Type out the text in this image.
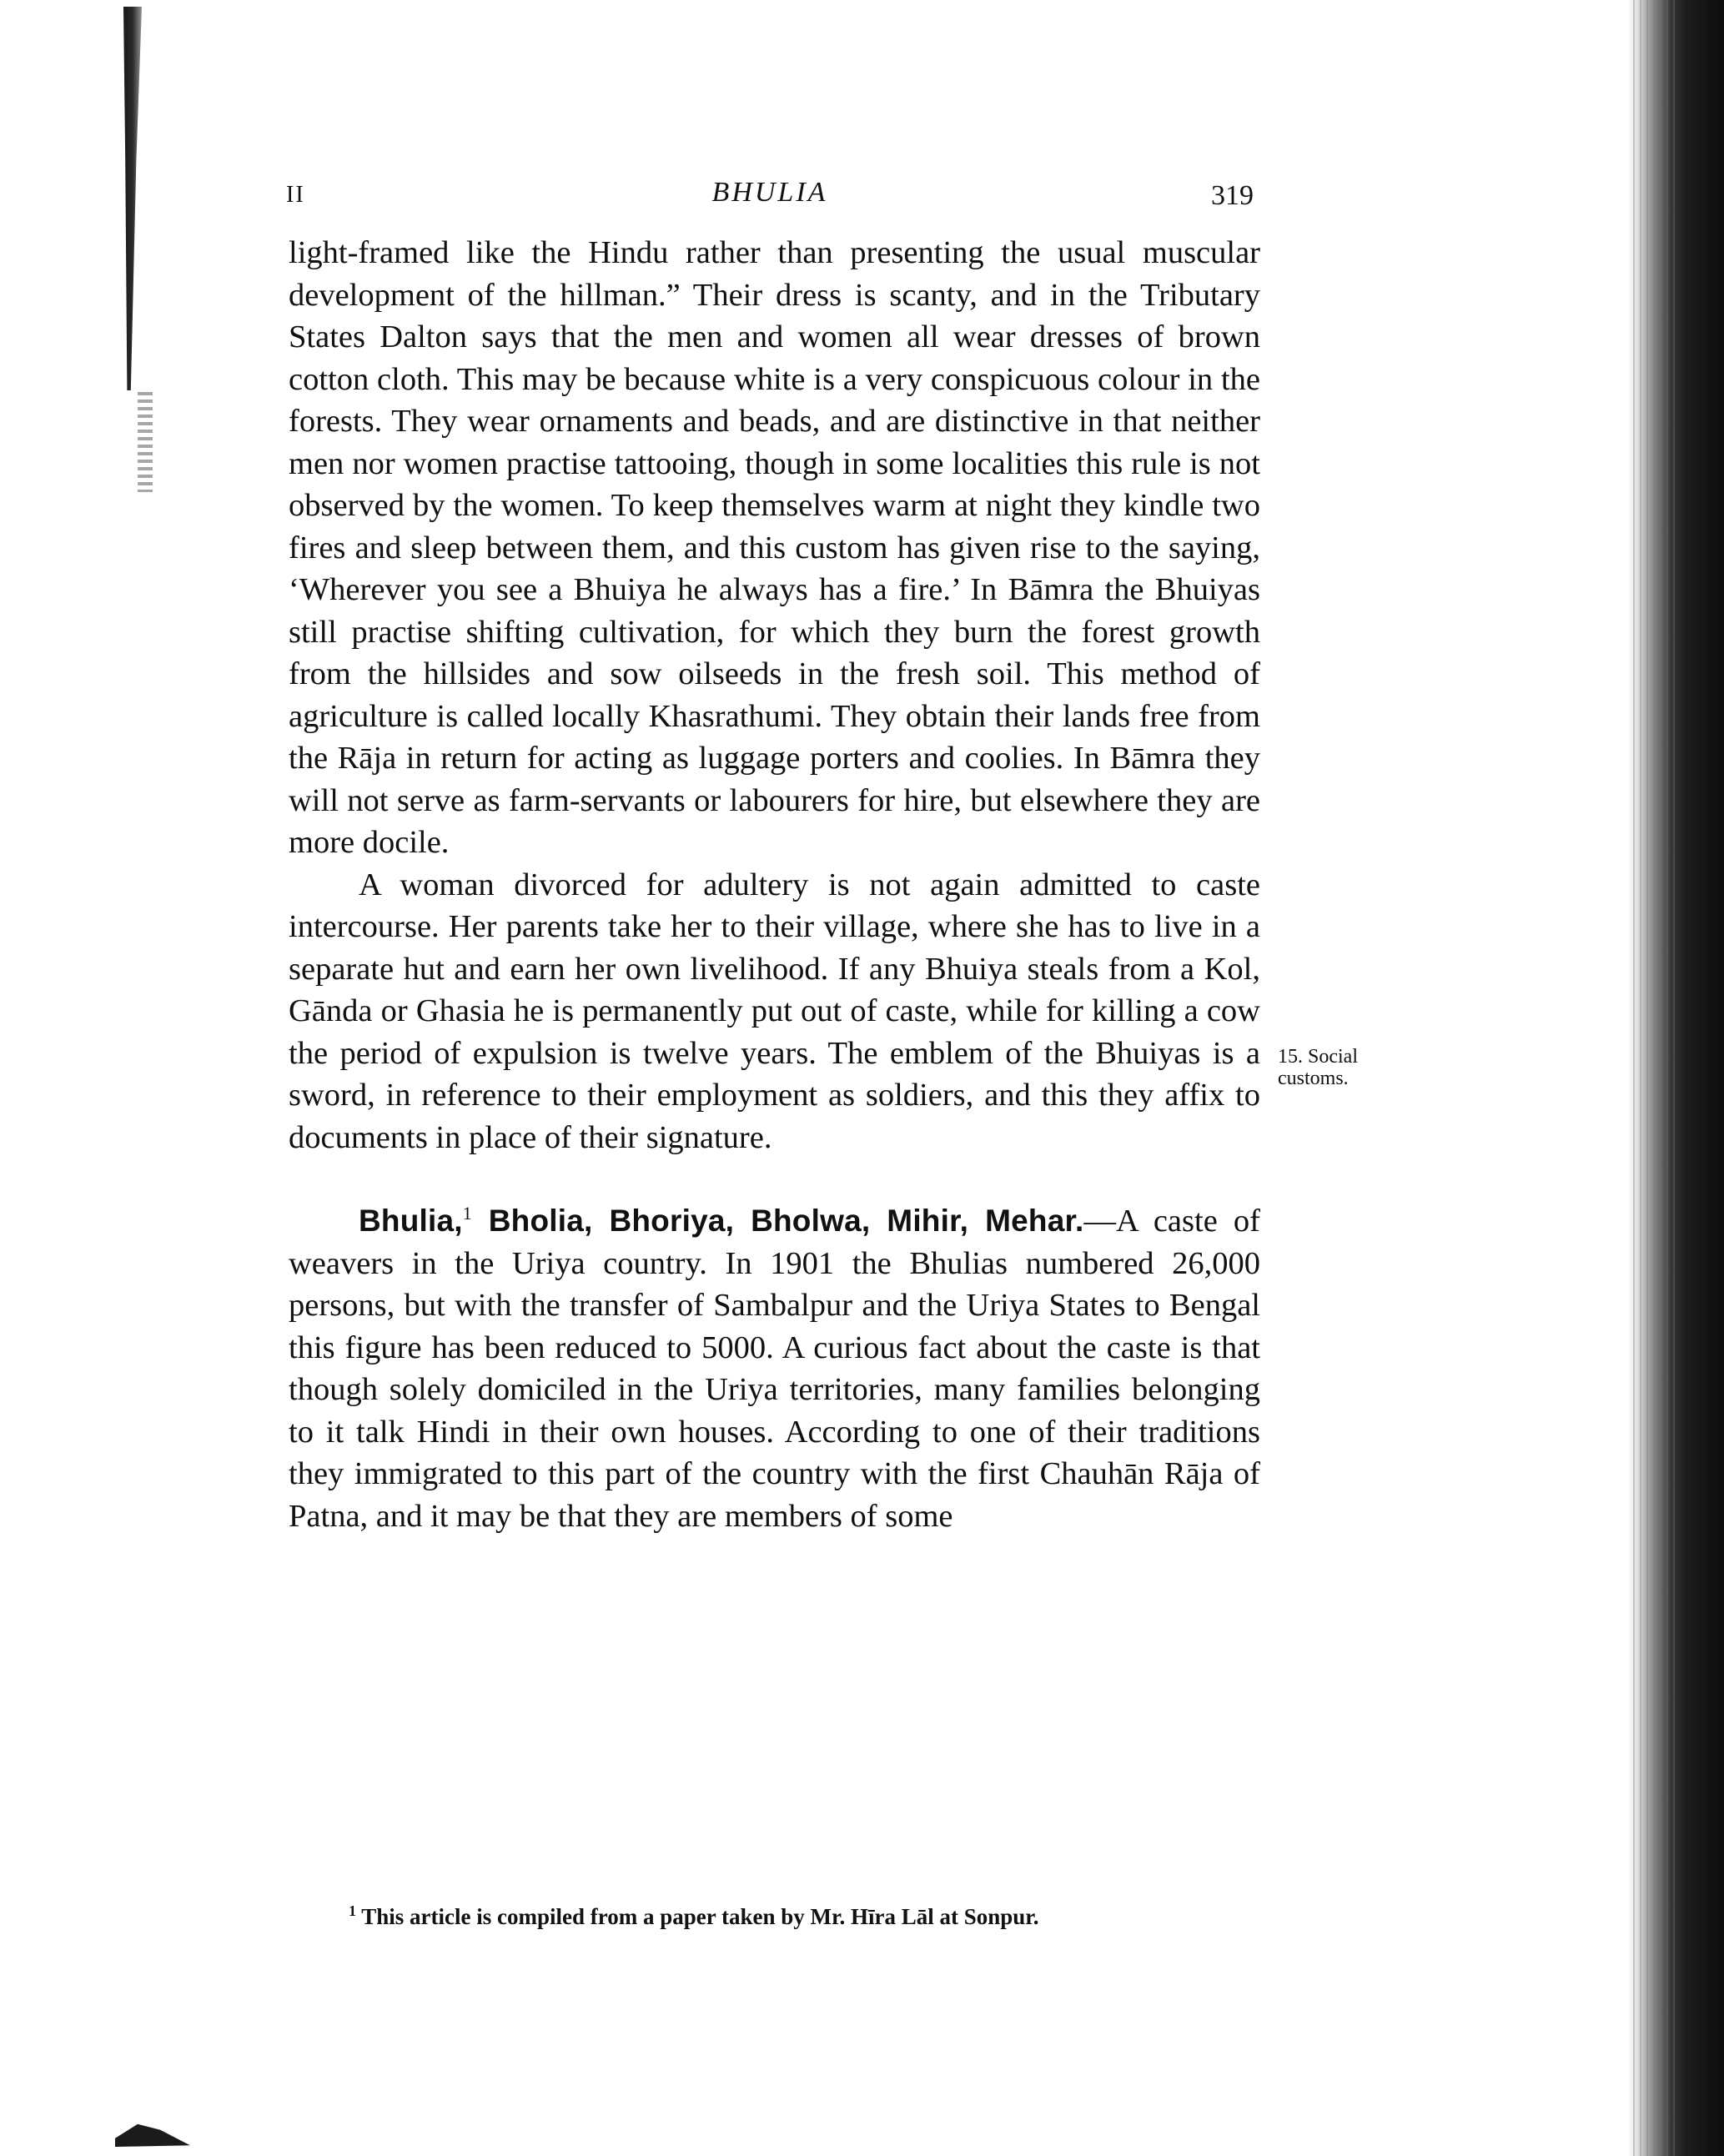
II	BHULIA	319

light-framed like the Hindu rather than presenting the usual muscular development of the hillman.” Their dress is scanty, and in the Tributary States Dalton says that the men and women all wear dresses of brown cotton cloth. This may be because white is a very conspicuous colour in the forests. They wear ornaments and beads, and are distinctive in that neither men nor women practise tattooing, though in some localities this rule is not observed by the women. To keep themselves warm at night they kindle two fires and sleep between them, and this custom has given rise to the saying, ‘Wherever you see a Bhuiya he always has a fire.’ In Bāmra the Bhuiyas still practise shifting cultivation, for which they burn the forest growth from the hillsides and sow oilseeds in the fresh soil. This method of agriculture is called locally Khasrathumi. They obtain their lands free from the Rāja in return for acting as luggage porters and coolies. In Bāmra they will not serve as farm-servants or labourers for hire, but elsewhere they are more docile.

A woman divorced for adultery is not again admitted to caste intercourse. Her parents take her to their village, where she has to live in a separate hut and earn her own livelihood. If any Bhuiya steals from a Kol, Gānda or Ghasia he is permanently put out of caste, while for killing a cow the period of expulsion is twelve years. The emblem of the Bhuiyas is a sword, in reference to their employment as soldiers, and this they affix to documents in place of their signature.

Bhulia,$^1$ Bholia, Bhoriya, Bholwa, Mihir, Mehar.—A caste of weavers in the Uriya country. In 1901 the Bhulias numbered 26,000 persons, but with the transfer of Sambalpur and the Uriya States to Bengal this figure has been reduced to 5000. A curious fact about the caste is that though solely domiciled in the Uriya territories, many families belonging to it talk Hindi in their own houses. According to one of their traditions they immigrated to this part of the country with the first Chauhān Rāja of Patna, and it may be that they are members of some

15. Social
customs.
$^1$ This article is compiled from a paper taken by Mr. Hīra Lāl at Sonpur.
